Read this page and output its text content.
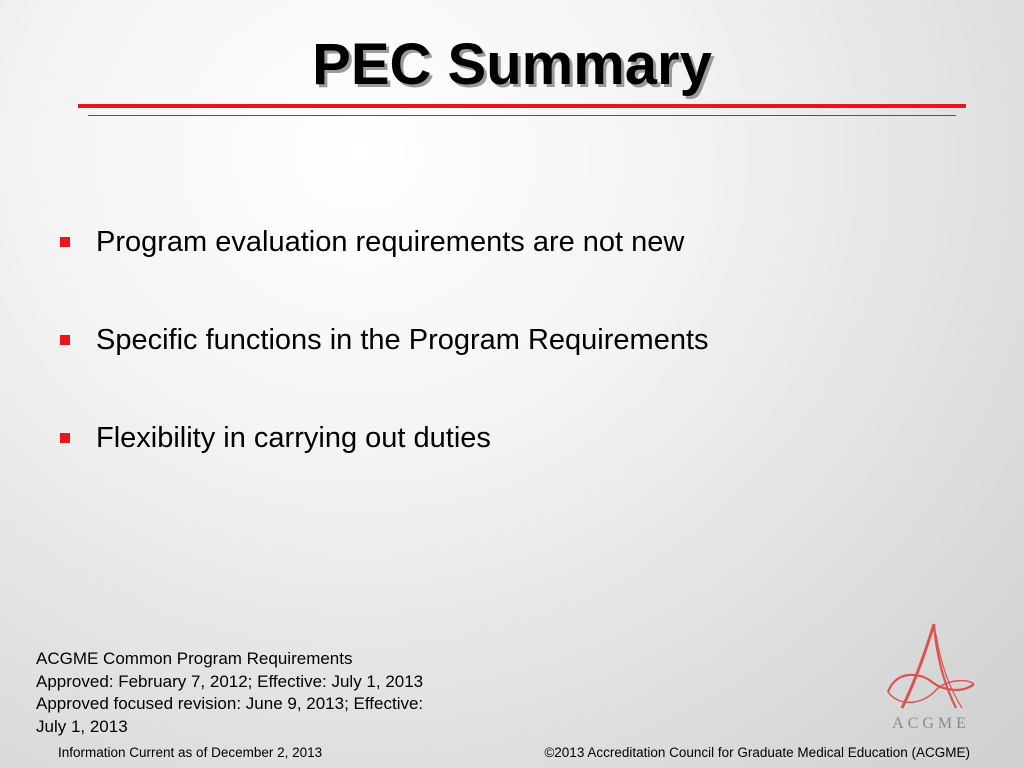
PEC Summary
Program evaluation requirements are not new
Specific functions in the Program Requirements
Flexibility in carrying out duties
ACGME Common Program Requirements
Approved: February 7, 2012; Effective: July 1, 2013
Approved focused revision: June 9, 2013; Effective:
July 1, 2013	ACGME
Information Current as of December 2, 2013	©2013 Accreditation Council for Graduate Medical Education (ACGME)
